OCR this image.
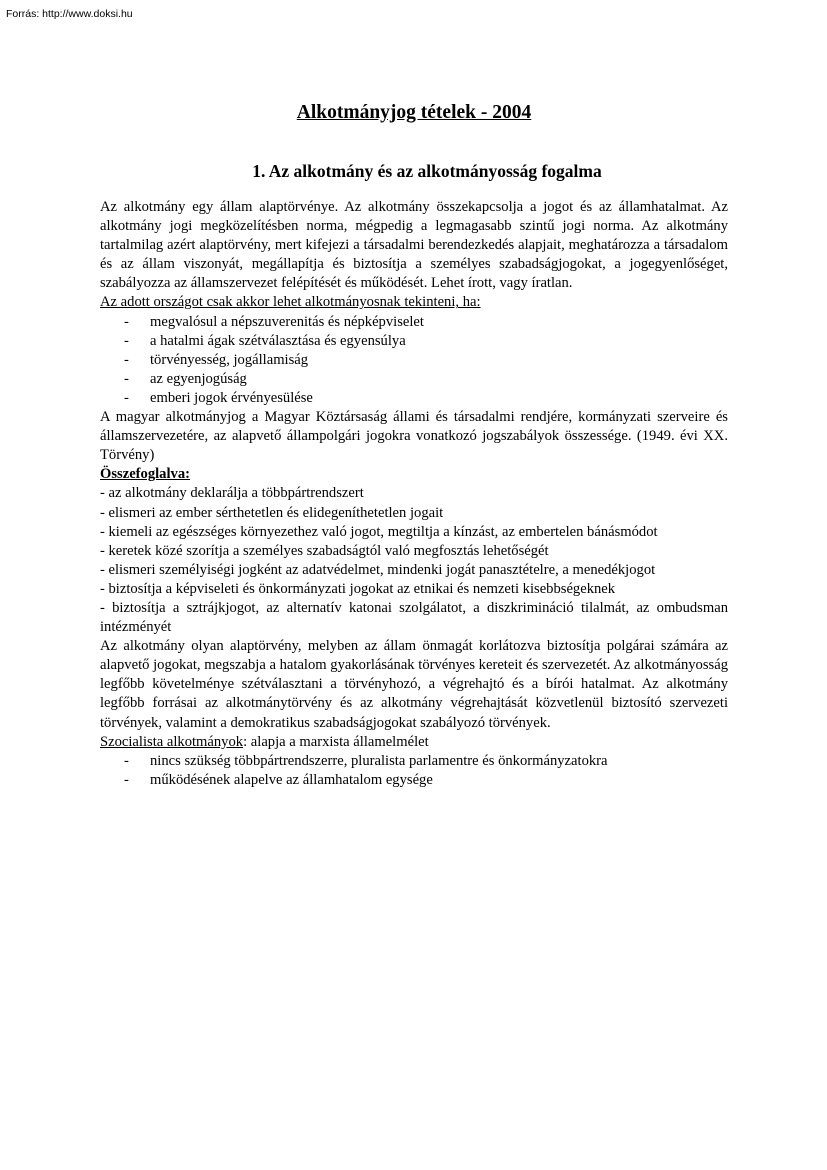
Forrás: http://www.doksi.hu
Alkotmányjog tételek - 2004
1. Az alkotmány és az alkotmányosság fogalma

Az alkotmány egy állam alaptörvénye. Az alkotmány összekapcsolja a jogot és az államhatalmat. Az alkotmány jogi megközelítésben norma, mégpedig a legmagasabb szintű jogi norma. Az alkotmány tartalmilag azért alaptörvény, mert kifejezi a társadalmi berendezkedés alapjait, meghatározza a társadalom és az állam viszonyát, megállapítja és biztosítja a személyes szabadságjogokat, a jogegyenlőséget, szabályozza az államszervezet felépítését és működését. Lehet írott, vagy íratlan.

Az adott országot csak akkor lehet alkotmányosnak tekinteni, ha:

- megvalósul a népszuverenitás és népképviselet
- a hatalmi ágak szétválasztása és egyensúlya
- törvényesség, jogállamiság
- az egyenjogúság
- emberi jogok érvényesülése

A magyar alkotmányjog a Magyar Köztársaság állami és társadalmi rendjére, kormányzati szerveire és államszervezetére, az alapvető állampolgári jogokra vonatkozó jogszabályok összessége. (1949. évi XX. Törvény)

Összefoglalva:

- az alkotmány deklarálja a többpártrendszert

- elismeri az ember sérthetetlen és elidegeníthetetlen jogait

- kiemeli az egészséges környezethez való jogot, megtiltja a kínzást, az embertelen bánásmódot

- keretek közé szorítja a személyes szabadságtól való megfosztás lehetőségét

- elismeri személyiségi jogként az adatvédelmet, mindenki jogát panasztételre, a menedékjogot

- biztosítja a képviseleti és önkormányzati jogokat az etnikai és nemzeti kisebbségeknek

- biztosítja a sztrájkjogot, az alternatív katonai szolgálatot, a diszkrimináció tilalmát, az ombudsman intézményét

Az alkotmány olyan alaptörvény, melyben az állam önmagát korlátozva biztosítja polgárai számára az alapvető jogokat, megszabja a hatalom gyakorlásának törvényes kereteit és szervezetét. Az alkotmányosság legfőbb követelménye szétválasztani a törvényhozó, a végrehajtó és a bírói hatalmat. Az alkotmány legfőbb forrásai az alkotmánytörvény és az alkotmány végrehajtását közvetlenül biztosító szervezeti törvények, valamint a demokratikus szabadságjogokat szabályozó törvények.

Szocialista alkotmányok: alapja a marxista államelmélet

- nincs szükség többpártrendszerre, pluralista parlamentre és önkormányzatokra
- működésének alapelve az államhatalom egysége
